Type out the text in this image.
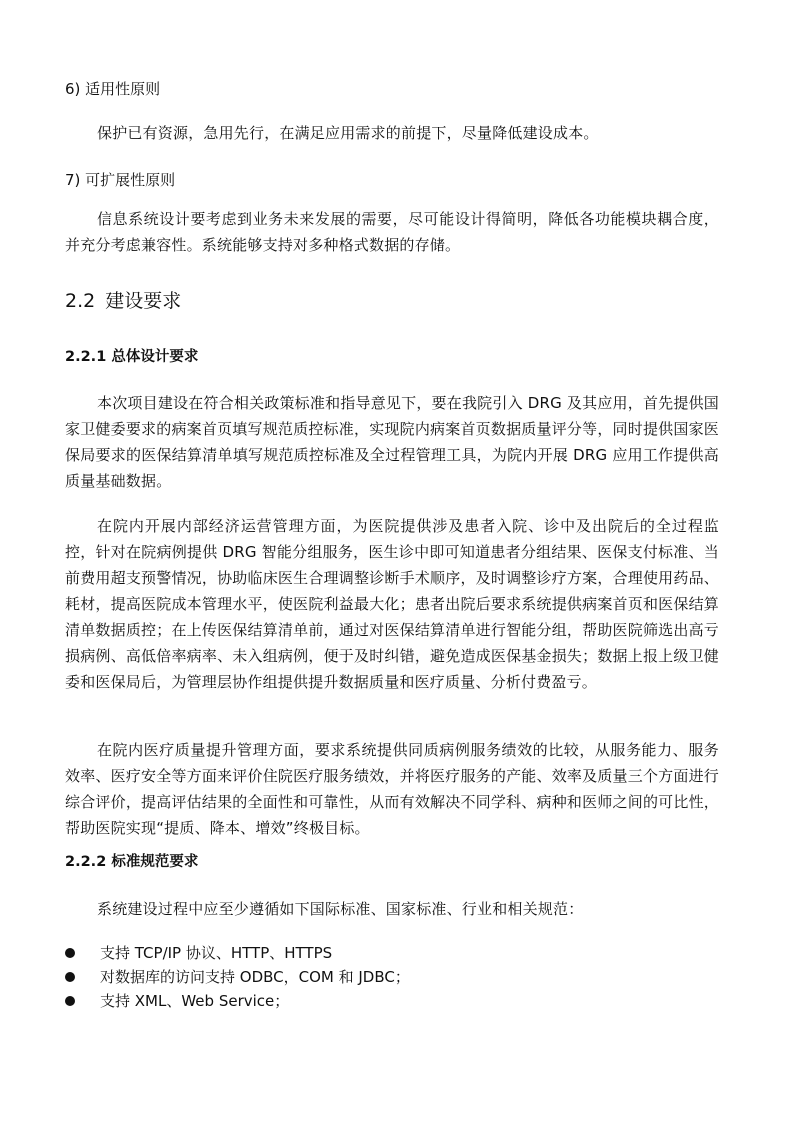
6) 适用性原则

保护已有资源，急用先行，在满足应用需求的前提下，尽量降低建设成本。

7) 可扩展性原则

信息系统设计要考虑到业务未来发展的需要，尽可能设计得简明，降低各功能模块耦合度，并充分考虑兼容性。系统能够支持对多种格式数据的存储。

2.2 建设要求

2.2.1 总体设计要求

本次项目建设在符合相关政策标准和指导意见下，要在我院引入 DRG 及其应用，首先提供国家卫健委要求的病案首页填写规范质控标准，实现院内病案首页数据质量评分等，同时提供国家医保局要求的医保结算清单填写规范质控标准及全过程管理工具，为院内开展 DRG 应用工作提供高质量基础数据。

在院内开展内部经济运营管理方面，为医院提供涉及患者入院、诊中及出院后的全过程监控，针对在院病例提供 DRG 智能分组服务，医生诊中即可知道患者分组结果、医保支付标准、当前费用超支预警情况，协助临床医生合理调整诊断手术顺序，及时调整诊疗方案，合理使用药品、耗材，提高医院成本管理水平，使医院利益最大化；患者出院后要求系统提供病案首页和医保结算清单数据质控；在上传医保结算清单前，通过对医保结算清单进行智能分组，帮助医院筛选出高亏损病例、高低倍率病率、未入组病例，便于及时纠错，避免造成医保基金损失；数据上报上级卫健委和医保局后，为管理层协作组提供提升数据质量和医疗质量、分析付费盈亏。

在院内医疗质量提升管理方面，要求系统提供同质病例服务绩效的比较，从服务能力、服务效率、医疗安全等方面来评价住院医疗服务绩效，并将医疗服务的产能、效率及质量三个方面进行综合评价，提高评估结果的全面性和可靠性，从而有效解决不同学科、病种和医师之间的可比性，帮助医院实现“提质、降本、增效”终极目标。

2.2.2 标准规范要求

系统建设过程中应至少遵循如下国际标准、国家标准、行业和相关规范：

支持 TCP/IP 协议、HTTP、HTTPS
对数据库的访问支持 ODBC，COM 和 JDBC；
支持 XML、Web Service；
